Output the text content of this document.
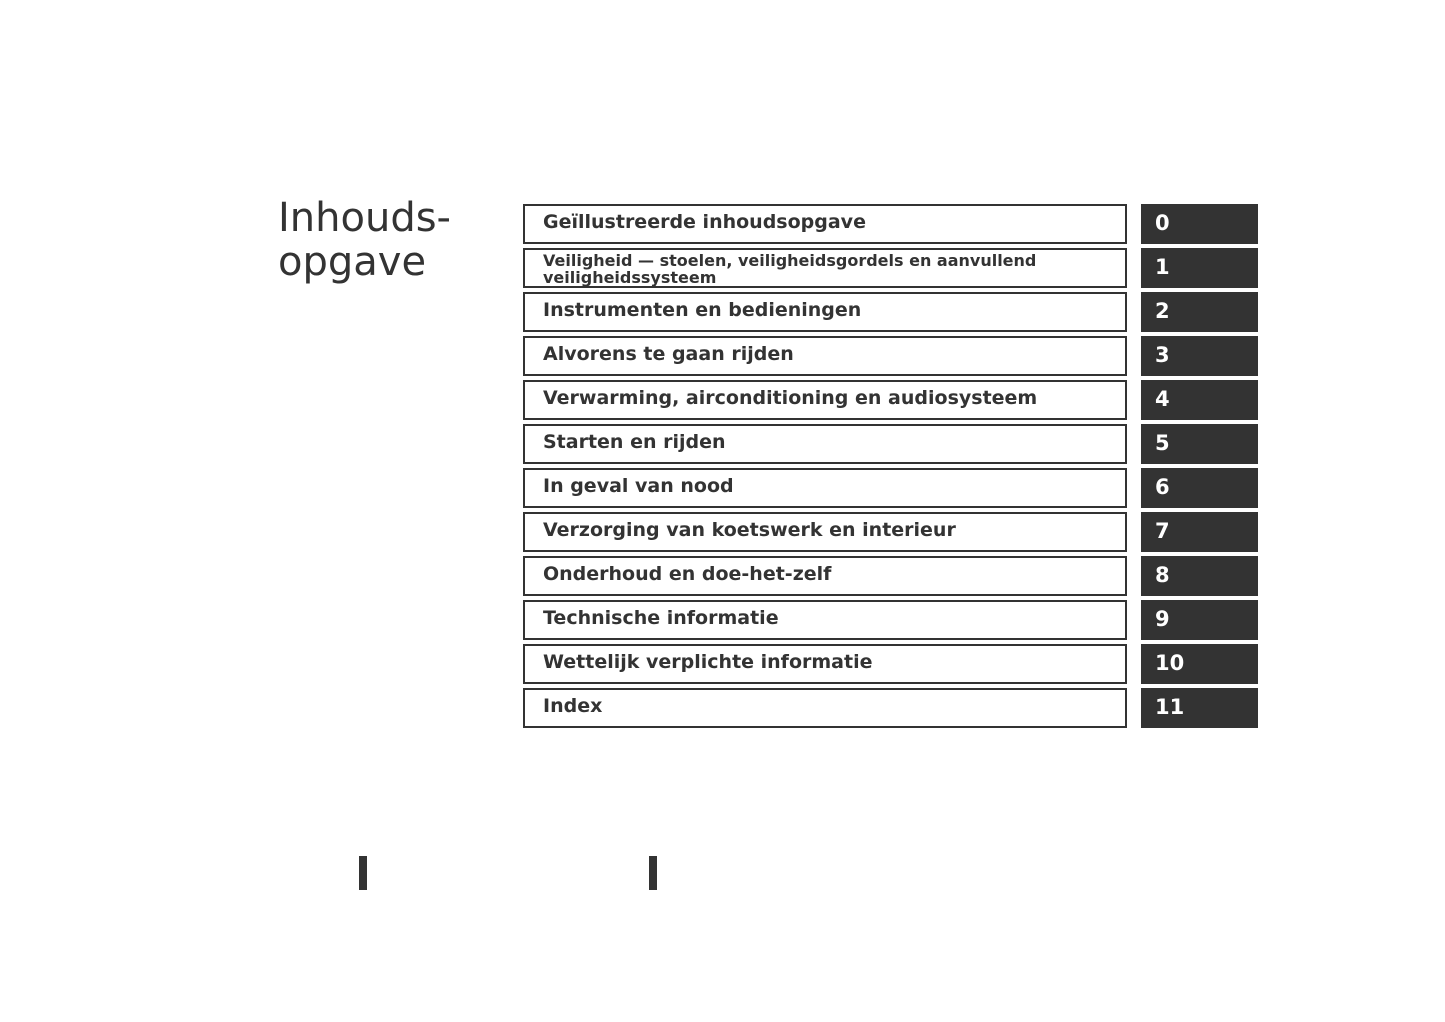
Inhouds-
opgave
Geïllustreerde inhoudsopgave	0
Veiligheid — stoelen, veiligheidsgordels en aanvullend veiligheidssysteem	1
Instrumenten en bedieningen	2
Alvorens te gaan rijden	3
Verwarming, airconditioning en audiosysteem	4
Starten en rijden	5
In geval van nood	6
Verzorging van koetswerk en interieur	7
Onderhoud en doe-het-zelf	8
Technische informatie	9
Wettelijk verplichte informatie	10
Index	11
